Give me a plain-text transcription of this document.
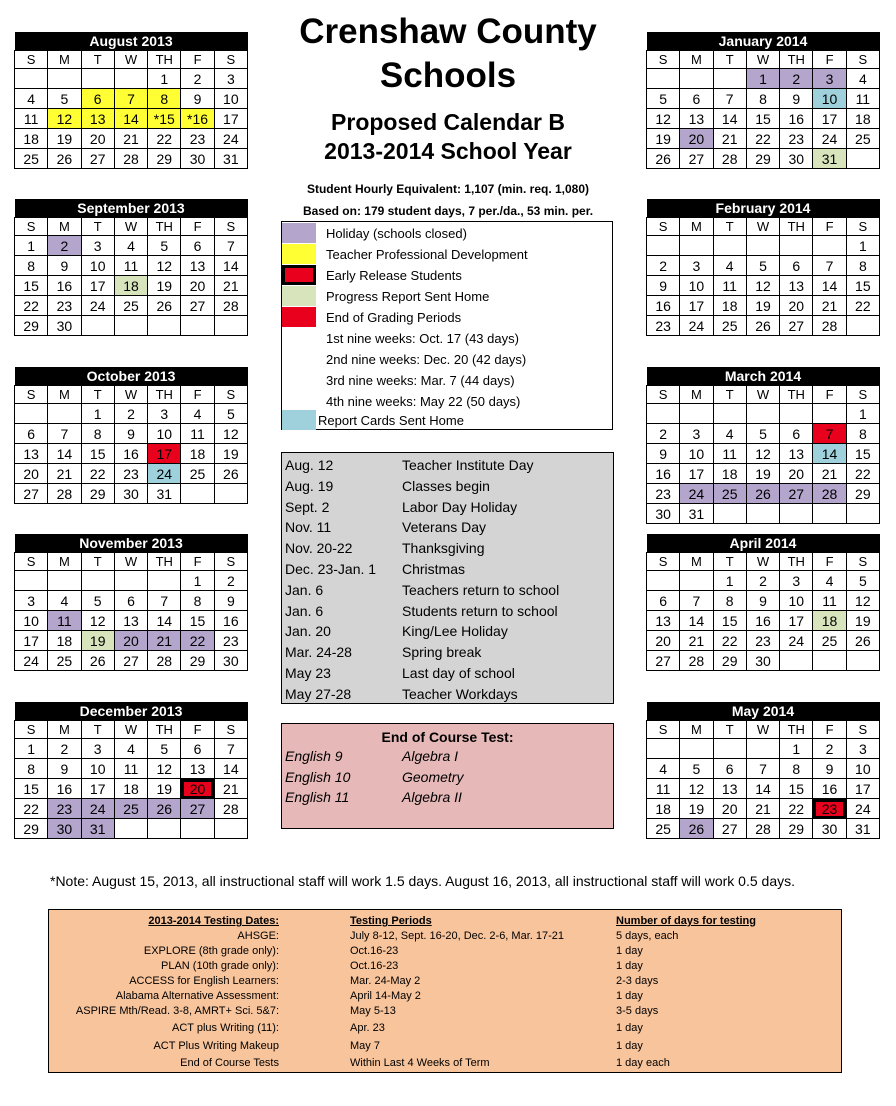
August 2013						
S	M	T	W	TH	F	S
				1	2	3
4	5	6	7	8	9	10
11	12	13	14	*15	*16	17
18	19	20	21	22	23	24
25	26	27	28	29	30	31
September 2013						
S	M	T	W	TH	F	S
1	2	3	4	5	6	7
8	9	10	11	12	13	14
15	16	17	18	19	20	21
22	23	24	25	26	27	28
29	30					
October 2013						
S	M	T	W	TH	F	S
		1	2	3	4	5
6	7	8	9	10	11	12
13	14	15	16	17	18	19
20	21	22	23	24	25	26
27	28	29	30	31		
November 2013						
S	M	T	W	TH	F	S
					1	2
3	4	5	6	7	8	9
10	11	12	13	14	15	16
17	18	19	20	21	22	23
24	25	26	27	28	29	30
December 2013						
S	M	T	W	TH	F	S
1	2	3	4	5	6	7
8	9	10	11	12	13	14
15	16	17	18	19	20	21
22	23	24	25	26	27	28
29	30	31				
January 2014						
S	M	T	W	TH	F	S
			1	2	3	4
5	6	7	8	9	10	11
12	13	14	15	16	17	18
19	20	21	22	23	24	25
26	27	28	29	30	31	
February 2014						
S	M	T	W	TH	F	S
						1
2	3	4	5	6	7	8
9	10	11	12	13	14	15
16	17	18	19	20	21	22
23	24	25	26	27	28	
March 2014						
S	M	T	W	TH	F	S
						1
2	3	4	5	6	7	8
9	10	11	12	13	14	15
16	17	18	19	20	21	22
23	24	25	26	27	28	29
30	31					
April 2014						
S	M	T	W	TH	F	S
		1	2	3	4	5
6	7	8	9	10	11	12
13	14	15	16	17	18	19
20	21	22	23	24	25	26
27	28	29	30			
May 2014						
S	M	T	W	TH	F	S
				1	2	3
4	5	6	7	8	9	10
11	12	13	14	15	16	17
18	19	20	21	22	23	24
25	26	27	28	29	30	31
Crenshaw County
Schools
Proposed Calendar B
2013-2014 School Year
Student Hourly Equivalent: 1,107 (min. req. 1,080)
Based on: 179 student days, 7 per./da., 53 min. per.
Holiday (schools closed)
Teacher Professional Development
Early Release Students
Progress Report Sent Home
End of Grading Periods
1st nine weeks: Oct. 17 (43 days)
2nd nine weeks: Dec. 20 (42 days)
3rd nine weeks: Mar. 7 (44 days)
4th nine weeks: May 22 (50 days)
Report Cards Sent Home
Aug. 12	Teacher Institute Day
Aug. 19	Classes begin
Sept. 2	Labor Day Holiday
Nov. 11	Veterans Day
Nov. 20-22	Thanksgiving
Dec. 23-Jan. 1 Christmas
Jan. 6	Teachers return to school
Jan. 6	Students return to school
Jan. 20	King/Lee Holiday
Mar. 24-28	Spring break
May 23	Last day of school
May 27-28	Teacher Workdays
End of Course Test:
English 9	Algebra I
English 10	Geometry
English 11	Algebra II
*Note: August 15, 2013, all instructional staff will work 1.5 days. August 16, 2013, all instructional staff will work 0.5 days.
2013-2014 Testing Dates:	Testing Periods	Number of days for testing
AHSGE:	July 8-12, Sept. 16-20, Dec. 2-6, Mar. 17-21	5 days, each
EXPLORE (8th grade only):	Oct.16-23	1 day
PLAN (10th grade only):	Oct.16-23	1 day
ACCESS for English Learners:	Mar. 24-May 2	2-3 days
Alabama Alternative Assessment:	April 14-May 2	1 day
ASPIRE Mth/Read. 3-8, AMRT+ Sci. 5&7:	May 5-13	3-5 days
ACT plus Writing (11):	Apr. 23	1 day
ACT Plus Writing Makeup	May 7	1 day
End of Course Tests	Within Last 4 Weeks of Term	1 day each
